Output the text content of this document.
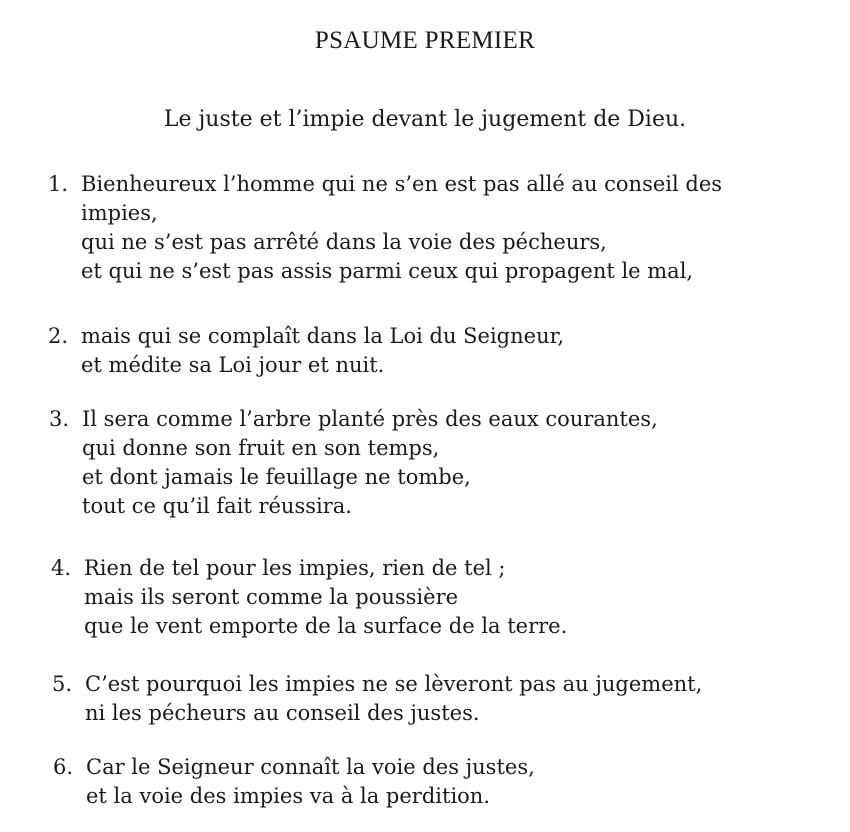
PSAUME PREMIER
Le juste et l’impie devant le jugement de Dieu.
1. Bienheureux l’homme qui ne s’en est pas allé au conseil des
impies,
qui ne s’est pas arrêté dans la voie des pécheurs,
et qui ne s’est pas assis parmi ceux qui propagent le mal,
2. mais qui se complaît dans la Loi du Seigneur,
et médite sa Loi jour et nuit.
3. Il sera comme l’arbre planté près des eaux courantes,
qui donne son fruit en son temps,
et dont jamais le feuillage ne tombe,
tout ce qu’il fait réussira.
4. Rien de tel pour les impies, rien de tel ;
mais ils seront comme la poussière
que le vent emporte de la surface de la terre.
5. C’est pourquoi les impies ne se lèveront pas au jugement,
ni les pécheurs au conseil des justes.
6. Car le Seigneur connaît la voie des justes,
et la voie des impies va à la perdition.
